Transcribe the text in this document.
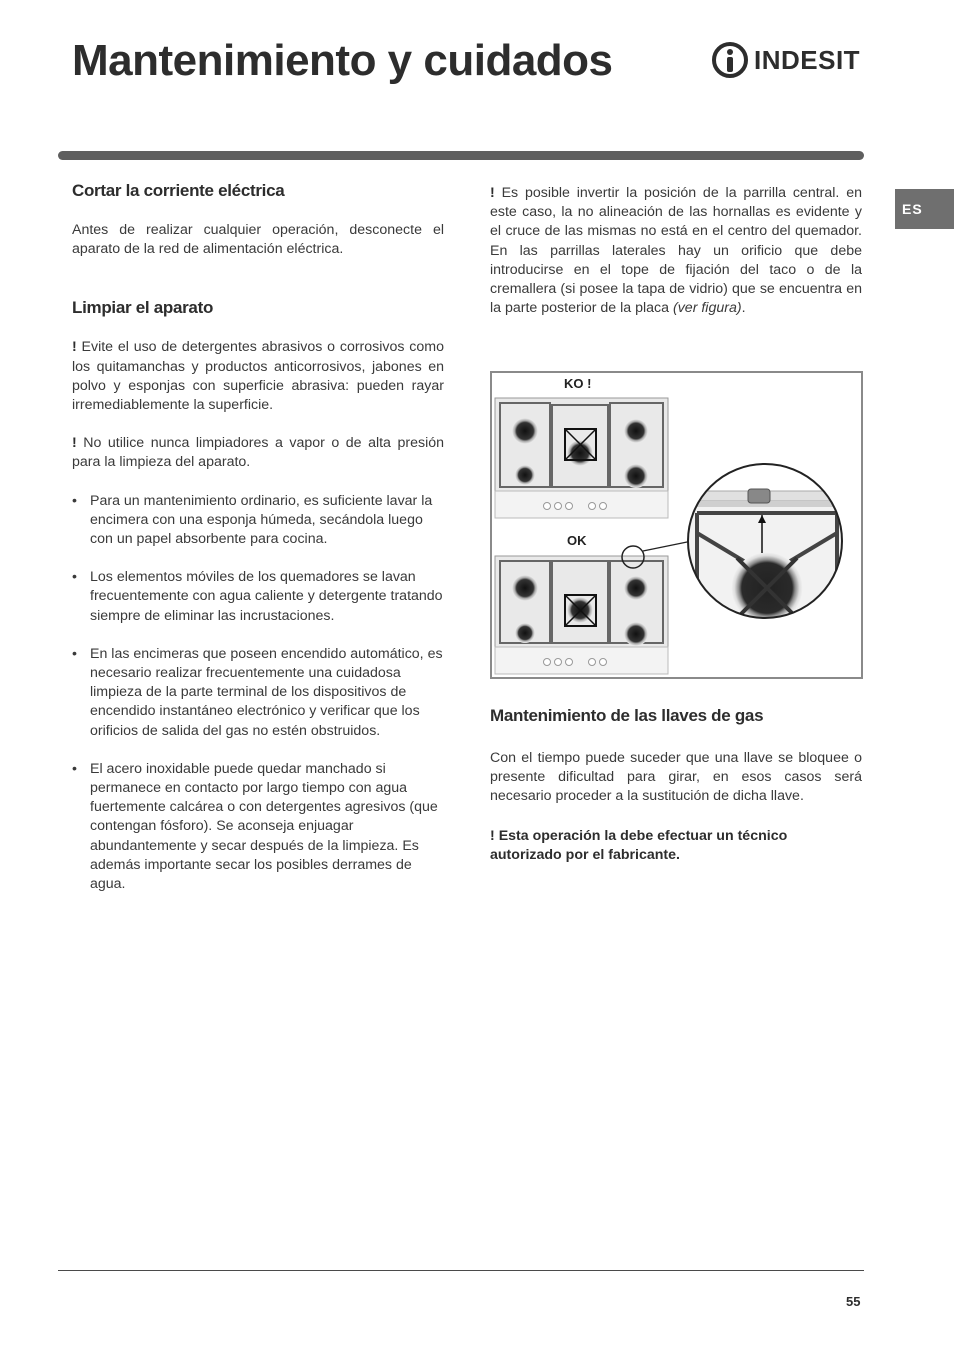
Mantenimiento y cuidados	INDESIT
ES
Cortar la corriente eléctrica

Antes de realizar cualquier operación, desconecte el aparato de la red de alimentación eléctrica.

Limpiar el aparato

! Evite el uso de detergentes abrasivos o corrosivos como los quitamanchas y productos anticorrosivos, jabones en polvo y esponjas con superficie abrasiva: pueden rayar irremediablemente la superficie.

! No utilice nunca limpiadores a vapor o de alta presión para la limpieza del aparato.

• Para un mantenimiento ordinario, es suficiente lavar la encimera con una esponja húmeda, secándola luego con un papel absorbente para cocina.
• Los elementos móviles de los quemadores se lavan frecuentemente con agua caliente y detergente tratando siempre de eliminar las incrustaciones.
• En las encimeras que poseen encendido automático, es necesario realizar frecuentemente una cuidadosa limpieza de la parte terminal de los dispositivos de encendido instantáneo electrónico y verificar que los orificios de salida del gas no estén obstruidos.
• El acero inoxidable puede quedar manchado si permanece en contacto por largo tiempo con agua fuertemente calcárea o con detergentes agresivos (que contengan fósforo). Se aconseja enjuagar abundantemente y secar después de la limpieza. Es además importante secar los posibles derrames de agua.

! Es posible invertir la posición de la parrilla central. en este caso, la no alineación de las hornallas es evidente y el cruce de las mismas no está en el centro del quemador. En las parrillas laterales hay un orificio que debe introducirse en el tope de fijación del taco o de la cremallera (si posee la tapa de vidrio) que se encuentra en la parte posterior de la placa (ver figura).

KO !
OK
Mantenimiento de las llaves de gas

Con el tiempo puede suceder que una llave se bloquee o presente dificultad para girar, en esos casos será necesario proceder a la sustitución de dicha llave.

! Esta operación la debe efectuar un técnico autorizado por el fabricante.

55
